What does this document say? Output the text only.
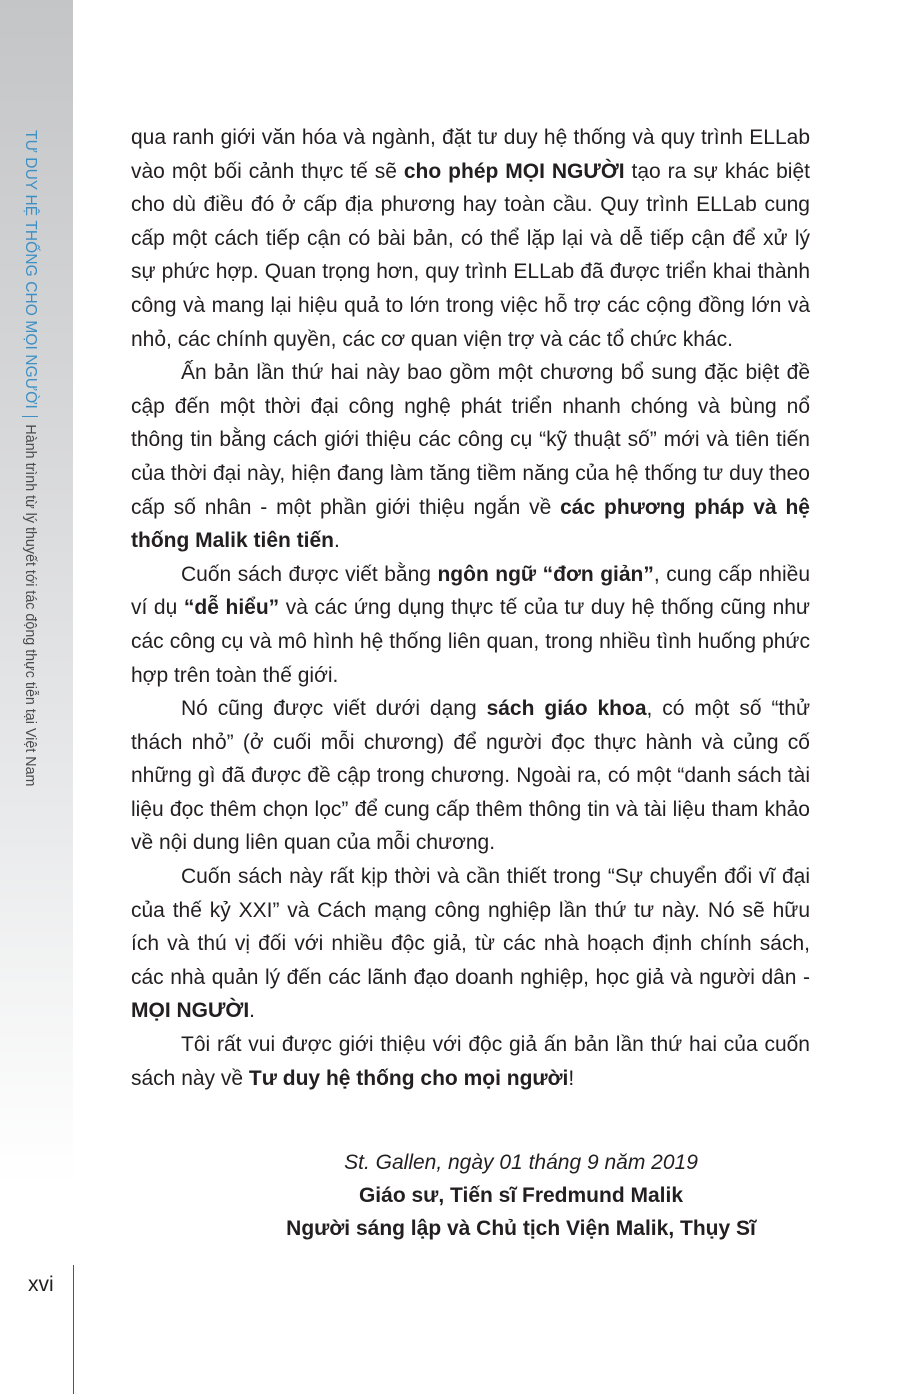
TƯ DUY HỆ THỐNG CHO MỌI NGƯỜI
Hành trình từ lý thuyết tới tác động thực tiễn tại Việt Nam

qua ranh giới văn hóa và ngành, đặt tư duy hệ thống và quy trình ELLab vào một bối cảnh thực tế sẽ cho phép MỌI NGƯỜI tạo ra sự khác biệt cho dù điều đó ở cấp địa phương hay toàn cầu. Quy trình ELLab cung cấp một cách tiếp cận có bài bản, có thể lặp lại và dễ tiếp cận để xử lý sự phức hợp. Quan trọng hơn, quy trình ELLab đã được triển khai thành công và mang lại hiệu quả to lớn trong việc hỗ trợ các cộng đồng lớn và nhỏ, các chính quyền, các cơ quan viện trợ và các tổ chức khác.

Ấn bản lần thứ hai này bao gồm một chương bổ sung đặc biệt đề cập đến một thời đại công nghệ phát triển nhanh chóng và bùng nổ thông tin bằng cách giới thiệu các công cụ “kỹ thuật số” mới và tiên tiến của thời đại này, hiện đang làm tăng tiềm năng của hệ thống tư duy theo cấp số nhân - một phần giới thiệu ngắn về các phương pháp và hệ thống Malik tiên tiến.

Cuốn sách được viết bằng ngôn ngữ “đơn giản”, cung cấp nhiều ví dụ “dễ hiểu” và các ứng dụng thực tế của tư duy hệ thống cũng như các công cụ và mô hình hệ thống liên quan, trong nhiều tình huống phức hợp trên toàn thế giới.

Nó cũng được viết dưới dạng sách giáo khoa, có một số “thử thách nhỏ” (ở cuối mỗi chương) để người đọc thực hành và củng cố những gì đã được đề cập trong chương. Ngoài ra, có một “danh sách tài liệu đọc thêm chọn lọc” để cung cấp thêm thông tin và tài liệu tham khảo về nội dung liên quan của mỗi chương.

Cuốn sách này rất kịp thời và cần thiết trong “Sự chuyển đổi vĩ đại của thế kỷ XXI” và Cách mạng công nghiệp lần thứ tư này. Nó sẽ hữu ích và thú vị đối với nhiều độc giả, từ các nhà hoạch định chính sách, các nhà quản lý đến các lãnh đạo doanh nghiệp, học giả và người dân - MỌI NGƯỜI.

Tôi rất vui được giới thiệu với độc giả ấn bản lần thứ hai của cuốn sách này về Tư duy hệ thống cho mọi người!

St. Gallen, ngày 01 tháng 9 năm 2019
Giáo sư, Tiến sĩ Fredmund Malik
Người sáng lập và Chủ tịch Viện Malik, Thụy Sĩ
xvi
